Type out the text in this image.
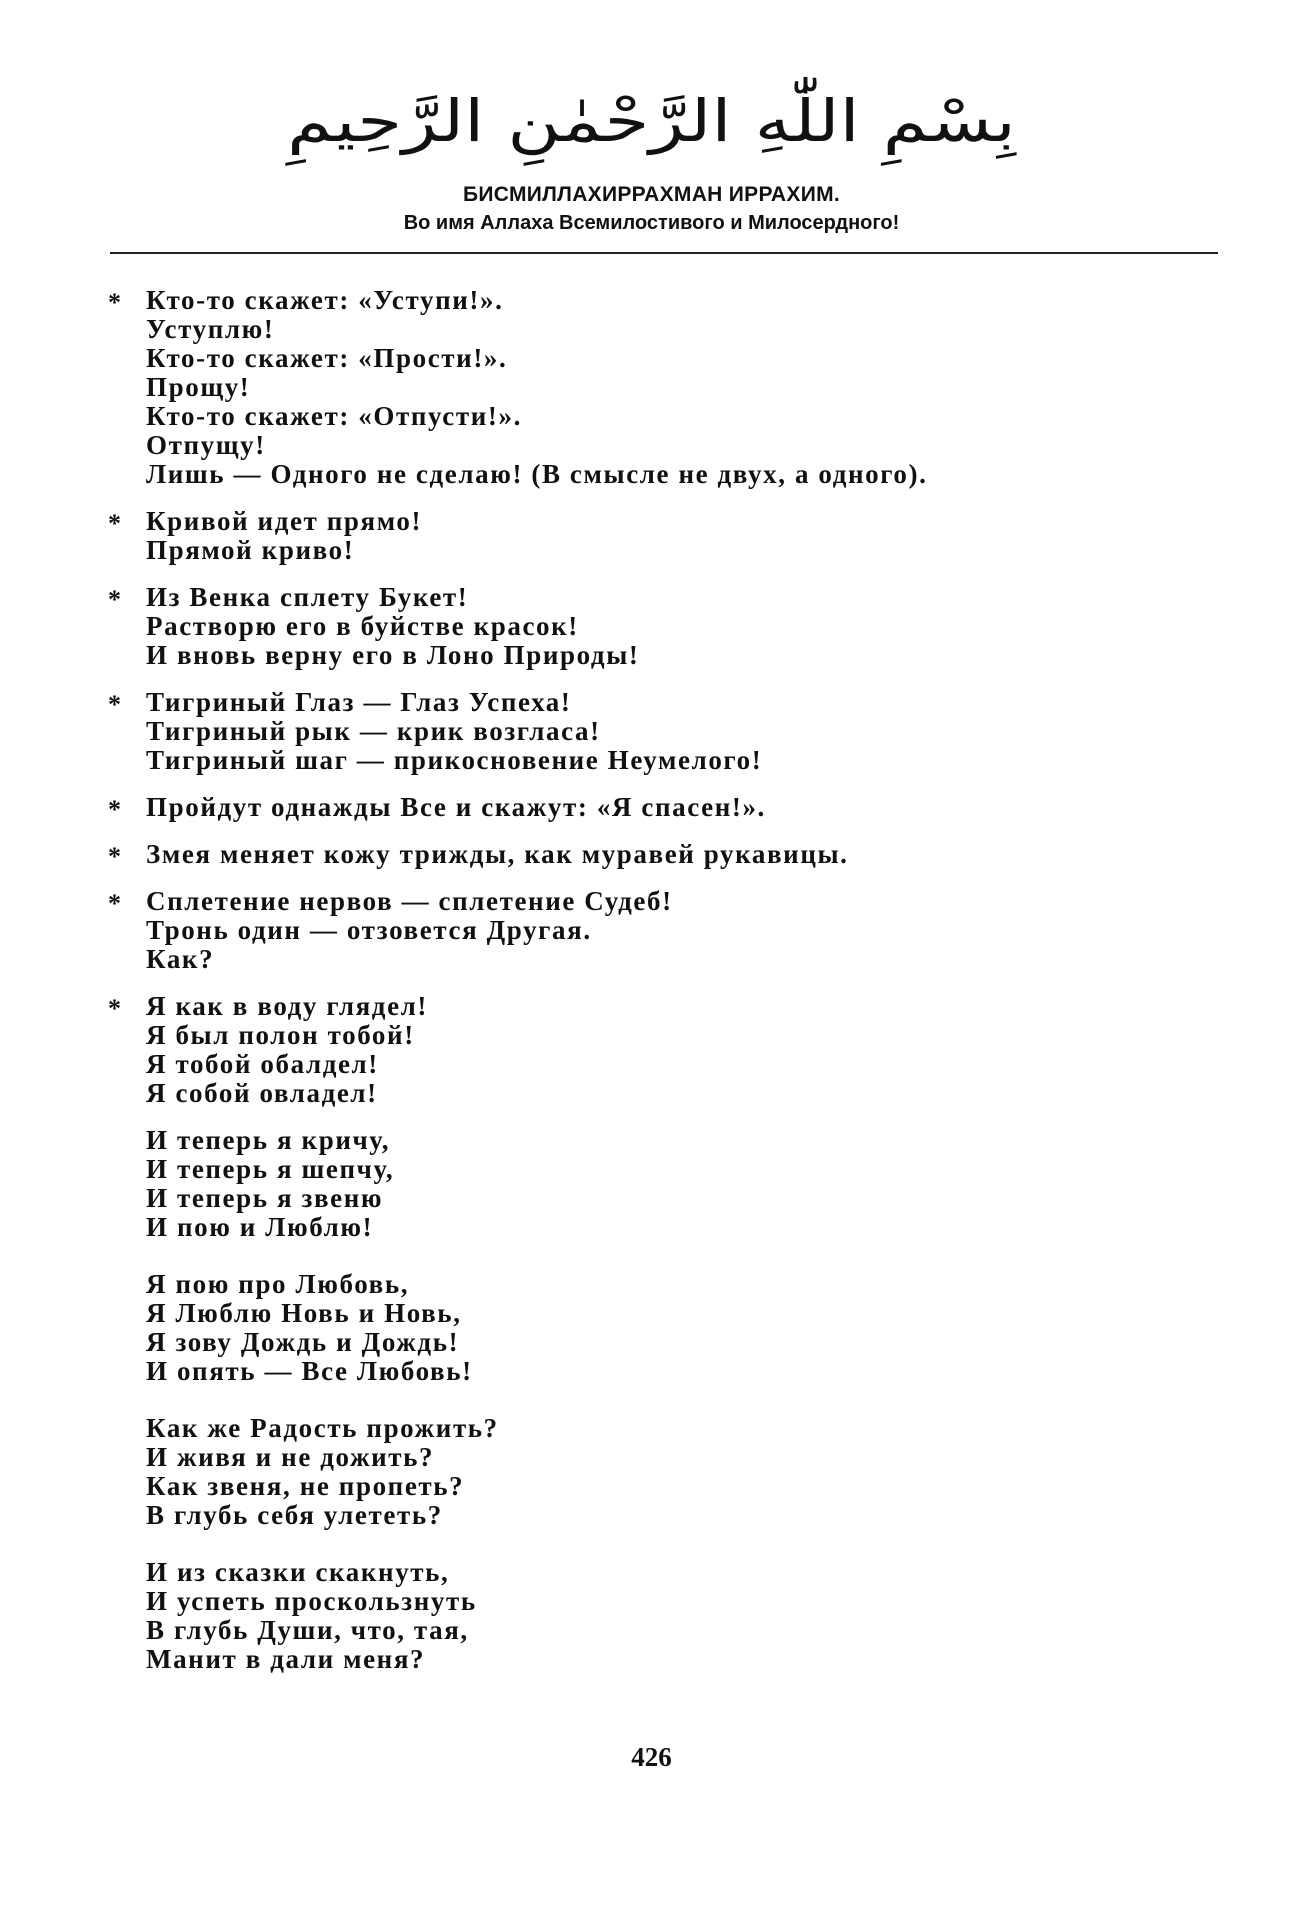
بِسْمِ اللّٰهِ الرَّحْمٰنِ الرَّحِيمِ
БИСМИЛЛАХИРРАХМАН ИРРАХИМ.
Во имя Аллаха Всемилостивого и Милосердного!
* Кто-то скажет: «Уступи!».
Уступлю!
Кто-то скажет: «Прости!».
Прощу!
Кто-то скажет: «Отпусти!».
Отпущу!
Лишь — Одного не сделаю! (В смысле не двух, а одного).
* Кривой идет прямо!
Прямой криво!
* Из Венка сплету Букет!
Растворю его в буйстве красок!
И вновь верну его в Лоно Природы!
* Тигриный Глаз — Глаз Успеха!
Тигриный рык — крик возгласа!
Тигриный шаг — прикосновение Неумелого!
* Пройдут однажды Все и скажут: «Я спасен!».
* Змея меняет кожу трижды, как муравей рукавицы.
* Сплетение нервов — сплетение Судеб!
Тронь один — отзовется Другая.
Как?
* Я как в воду глядел!
Я был полон тобой!
Я тобой обалдел!
Я собой овладел!
И теперь я кричу,
И теперь я шепчу,
И теперь я звеню
И пою и Люблю!
Я пою про Любовь,
Я Люблю Новь и Новь,
Я зову Дождь и Дождь!
И опять — Все Любовь!
Как же Радость прожить?
И живя и не дожить?
Как звеня, не пропеть?
В глубь себя улететь?
И из сказки скакнуть,
И успеть проскользнуть
В глубь Души, что, тая,
Манит в дали меня?
426
